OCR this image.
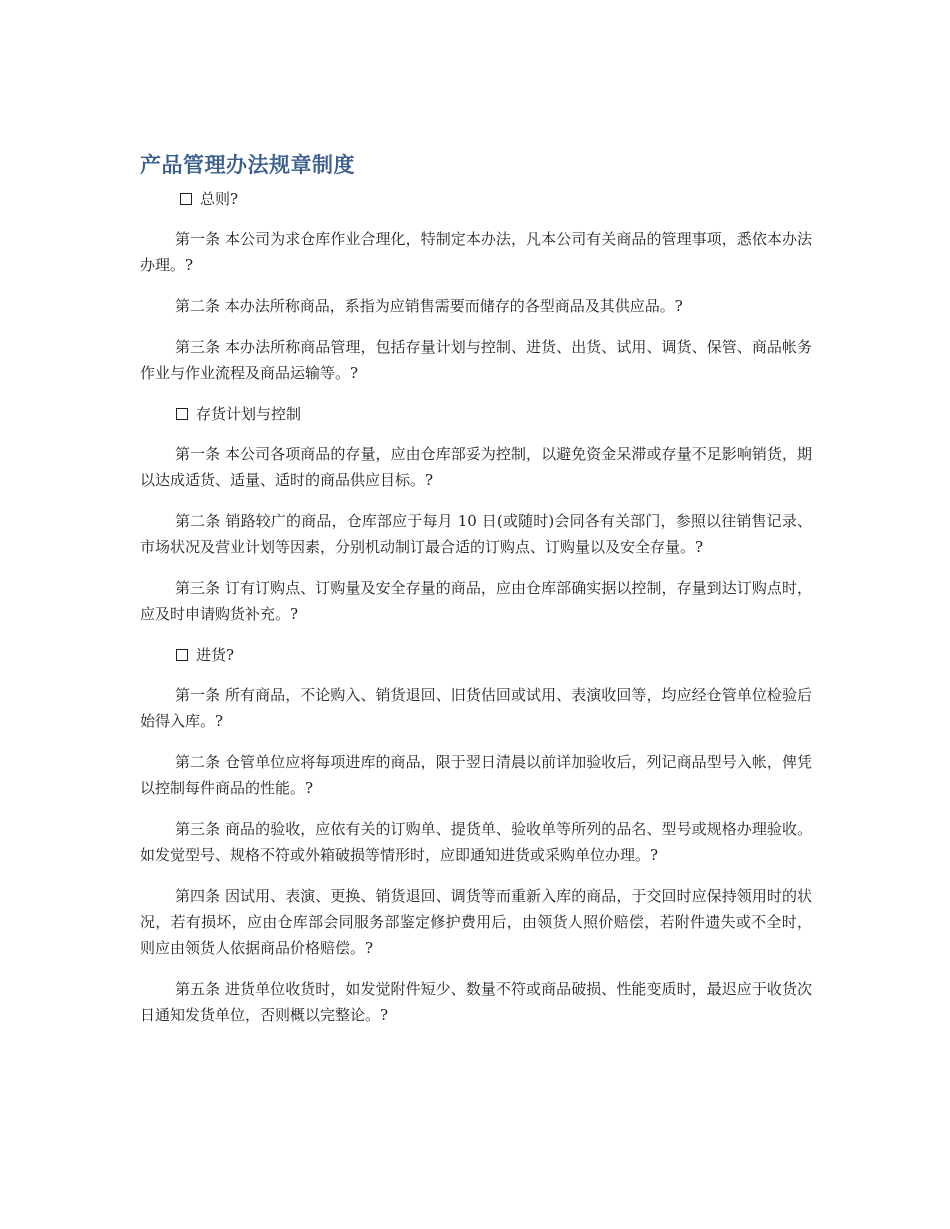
产品管理办法规章制度
总则?

第一条 本公司为求仓库作业合理化，特制定本办法，凡本公司有关商品的管理事项，悉依本办法办理。?

第二条 本办法所称商品，系指为应销售需要而储存的各型商品及其供应品。?

第三条 本办法所称商品管理，包括存量计划与控制、进货、出货、试用、调货、保管、商品帐务作业与作业流程及商品运输等。?

存货计划与控制

第一条 本公司各项商品的存量，应由仓库部妥为控制，以避免资金呆滞或存量不足影响销货，期以达成适货、适量、适时的商品供应目标。?

第二条 销路较广的商品，仓库部应于每月 10 日(或随时)会同各有关部门，参照以往销售记录、市场状况及营业计划等因素，分别机动制订最合适的订购点、订购量以及安全存量。?

第三条 订有订购点、订购量及安全存量的商品，应由仓库部确实据以控制，存量到达订购点时，应及时申请购货补充。?

进货?

第一条 所有商品，不论购入、销货退回、旧货估回或试用、表演收回等，均应经仓管单位检验后始得入库。?

第二条 仓管单位应将每项进库的商品，限于翌日清晨以前详加验收后，列记商品型号入帐，俾凭以控制每件商品的性能。?

第三条 商品的验收，应依有关的订购单、提货单、验收单等所列的品名、型号或规格办理验收。如发觉型号、规格不符或外箱破损等情形时，应即通知进货或采购单位办理。?

第四条 因试用、表演、更换、销货退回、调货等而重新入库的商品，于交回时应保持领用时的状况，若有损坏，应由仓库部会同服务部鉴定修护费用后，由领货人照价赔偿，若附件遗失或不全时，则应由领货人依据商品价格赔偿。?

第五条 进货单位收货时，如发觉附件短少、数量不符或商品破损、性能变质时，最迟应于收货次日通知发货单位，否则概以完整论。?
